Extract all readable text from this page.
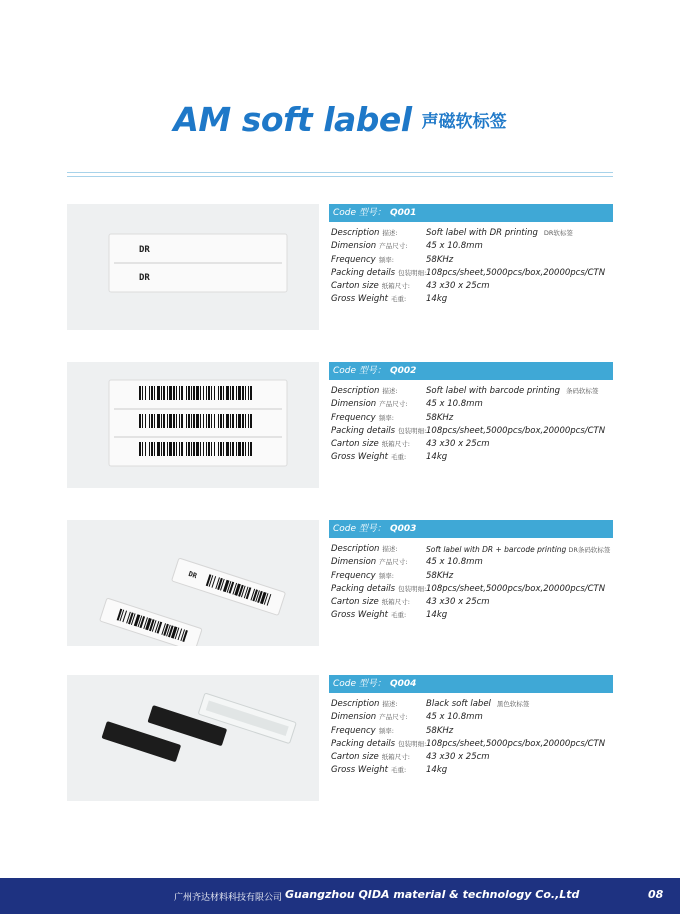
AM soft label 声磁软标签
DR
DR
Code 型号： Q001
Description 描述:	Soft label with DR printing DR软标签
Dimension 产品尺寸: 45 x 10.8mm
Frequency 频率:	58KHz
Packing details 包装明细: 108pcs/sheet,5000pcs/box,20000pcs/CTN
Carton size 纸箱尺寸: 43 x30 x 25cm
Gross Weight 毛重: 14kg
Code 型号： Q002
Description 描述:	Soft label with barcode printing 条码软标签
Dimension 产品尺寸: 45 x 10.8mm
Frequency 频率:	58KHz
Packing details 包装明细: 108pcs/sheet,5000pcs/box,20000pcs/CTN
Carton size 纸箱尺寸: 43 x30 x 25cm
Gross Weight 毛重: 14kg
DR
Code 型号： Q003
Description 描述:	Soft label with DR + barcode printing DR条码软标签
Dimension 产品尺寸: 45 x 10.8mm
Frequency 频率:	58KHz
Packing details 包装明细: 108pcs/sheet,5000pcs/box,20000pcs/CTN
Carton size 纸箱尺寸: 43 x30 x 25cm
Gross Weight 毛重: 14kg
Code 型号： Q004
Description 描述:	Black soft label 黑色软标签
Dimension 产品尺寸: 45 x 10.8mm
Frequency 频率:	58KHz
Packing details 包装明细: 108pcs/sheet,5000pcs/box,20000pcs/CTN
Carton size 纸箱尺寸: 43 x30 x 25cm
Gross Weight 毛重: 14kg
广州齐达材料科技有限公司 Guangzhou QIDA material & technology Co.,Ltd	08
